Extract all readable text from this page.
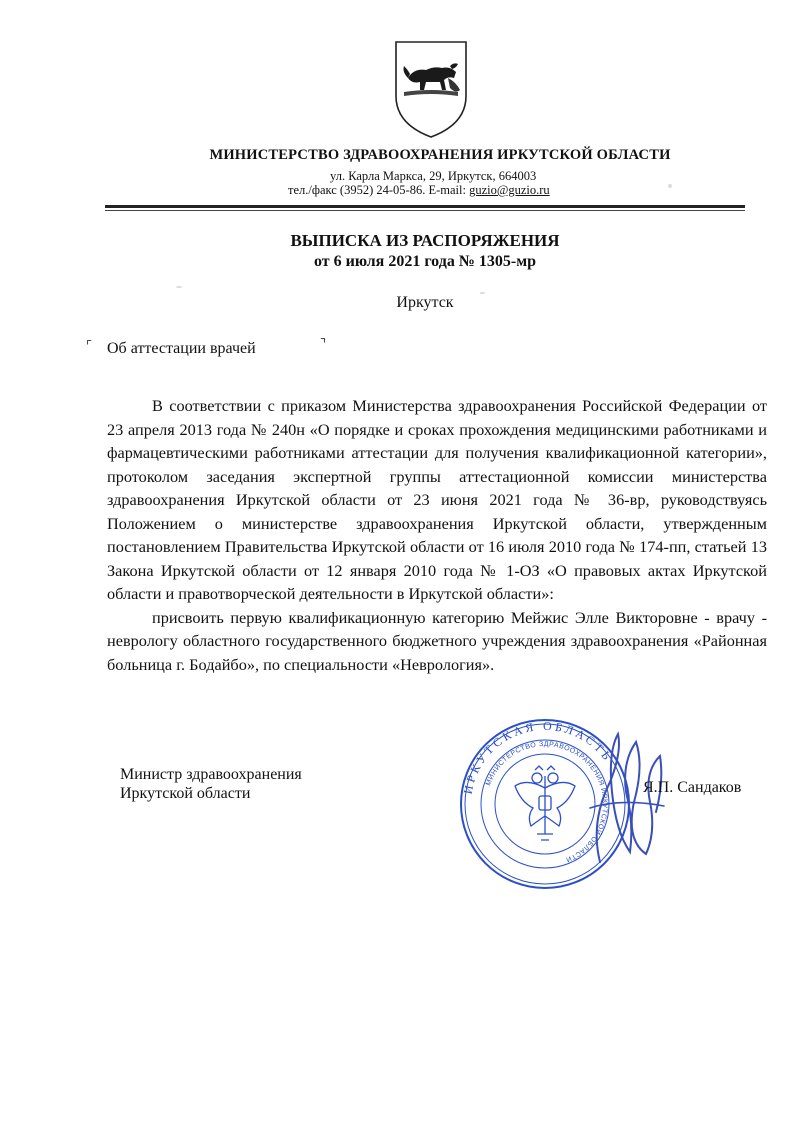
МИНИСТЕРСТВО ЗДРАВООХРАНЕНИЯ ИРКУТСКОЙ ОБЛАСТИ
ул. Карла Маркса, 29, Иркутск, 664003
тел./факс (3952) 24-05-86. E-mail: guzio@guzio.ru
ВЫПИСКА ИЗ РАСПОРЯЖЕНИЯ
от 6 июля 2021 года № 1305-мр
Иркутск
⌜ Об аттестации врачей	⌝

В соответствии с приказом Министерства здравоохранения Российской Федерации от 23 апреля 2013 года № 240н «О порядке и сроках прохождения медицинскими работниками и фармацевтическими работниками аттестации для получения квалификационной категории», протоколом заседания экспертной группы аттестационной комиссии министерства здравоохранения Иркутской области от 23 июня 2021 года № 36-вр, руководствуясь Положением о министерстве здравоохранения Иркутской области, утвержденным постановлением Правительства Иркутской области от 16 июля 2010 года № 174-пп, статьей 13 Закона Иркутской области от 12 января 2010 года № 1-ОЗ «О правовых актах Иркутской области и правотворческой деятельности в Иркутской области»:

присвоить первую квалификационную категорию Мейжис Элле Викторовне - врачу - неврологу областного государственного бюджетного учреждения здравоохранения «Районная больница г. Бодайбо», по специальности «Неврология».

Министр здравоохранения
Иркутской области	ИРКУТСКАЯ ОБЛАСТЬ
МИНИСТЕРСТВО ЗДРАВООХРАНЕНИЯ ИРКУТСКОЙ ОБЛАСТИ
Я.П. Сандаков
